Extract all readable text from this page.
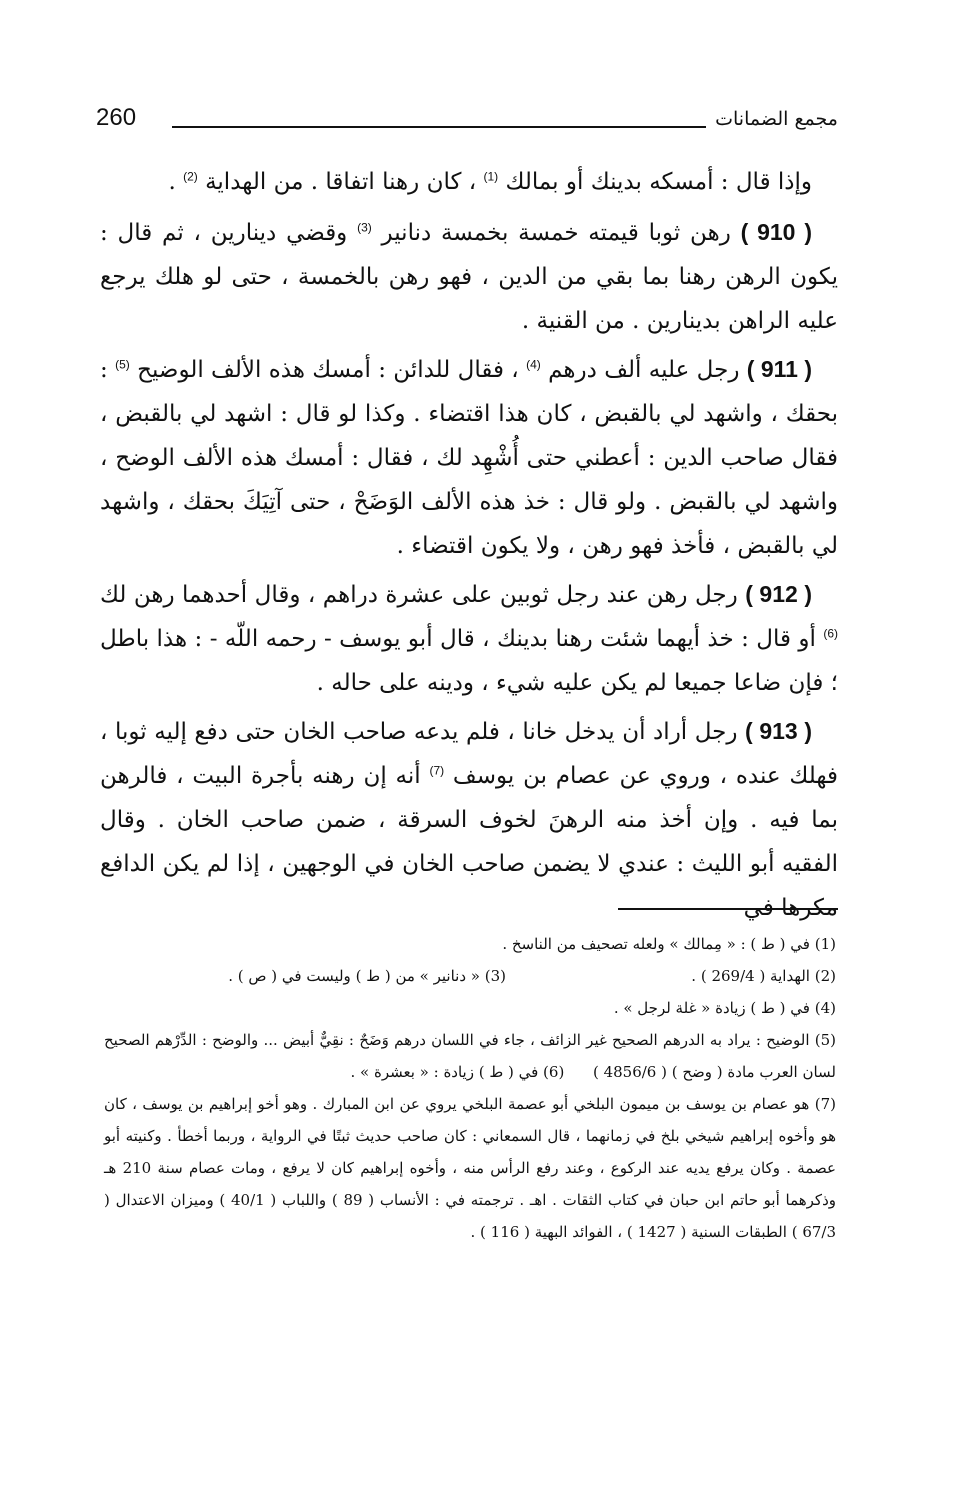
260	مجمع الضمانات

وإذا قال : أمسكه بدينك أو بمالك $^{(1)}$ ، كان رهنا اتفاقا . من الهداية $^{(2)}$ .

( 910 ) رهن ثوبا قيمته خمسة بخمسة دنانير $^{(3)}$ وقضي دينارين ، ثم قال : يكون الرهن رهنا بما بقي من الدين ، فهو رهن بالخمسة ، حتى لو هلك يرجع عليه الراهن بدينارين . من القنية .

( 911 ) رجل عليه ألف درهم $^{(4)}$ ، فقال للدائن : أمسك هذه الألف الوضيح $^{(5)}$ : بحقك ، واشهد لي بالقبض ، كان هذا اقتضاء . وكذا لو قال : اشهد لي بالقبض ، فقال صاحب الدين : أعطني حتى أُشْهِد لك ، فقال : أمسك هذه الألف الوضح ، واشهد لي بالقبض . ولو قال : خذ هذه الألف الوَضَحْ ، حتى آتِيَكَ بحقك ، واشهد لي بالقبض ، فأخذ فهو رهن ، ولا يكون اقتضاء .

( 912 ) رجل رهن عند رجل ثوبين على عشرة دراهم ، وقال أحدهما رهن لك $^{(6)}$ أو قال : خذ أيهما شئت رهنا بدينك ، قال أبو يوسف - رحمه اللّه - : هذا باطل ؛ فإن ضاعا جميعا لم يكن عليه شيء ، ودينه على حاله .

( 913 ) رجل أراد أن يدخل خانا ، فلم يدعه صاحب الخان حتى دفع إليه ثوبا ، فهلك عنده ، وروي عن عصام بن يوسف $^{(7)}$ أنه إن رهنه بأجرة البيت ، فالرهن بما فيه . وإن أخذ منه الرهنَ لخوف السرقة ، ضمن صاحب الخان . وقال الفقيه أبو الليث : عندي لا يضمن صاحب الخان في الوجهين ، إذا لم يكن الدافع مكرها في

(1) في ( ط ) : « مِمالك » ولعله تصحيف من الناسخ .

(2) الهداية ( 269/4 ) .
(3) « دنانير » من ( ط ) وليست في ( ص ) .

(4) في ( ط ) زيادة « غلة لرجل » .

(5) الوضيح : يراد به الدرهم الصحيح غير الزائف ، جاء في اللسان درهم وَضَحٌ : نقِيٌّ أبيض ... والوضح : الدِّرْهم الصحيح لسان العرب مادة ( وضح ) ( 4856/6 )      (6) في ( ط ) زيادة : « بعشرة » .

(7) هو عصام بن يوسف بن ميمون البلخي أبو عصمة البلخي يروي عن ابن المبارك . وهو أخو إبراهيم بن يوسف ، كان هو وأخوه إبراهيم شيخي بلخ في زمانهما ، قال السمعاني : كان صاحب حديث ثبتًا في الرواية ، وربما أخطأ . وكنيته أبو عصمة . وكان يرفع يديه عند الركوع ، وعند رفع الرأس منه ، وأخوه إبراهيم كان لا يرفع ، ومات عصام سنة 210 هـ وذكرهما أبو حاتم ابن حبان في كتاب الثقات . اهـ . ترجمته في : الأنساب ( 89 ) واللباب ( 40/1 ) وميزان الاعتدال ( 67/3 ) الطبقات السنية ( 1427 ) ، الفوائد البهية ( 116 ) .
